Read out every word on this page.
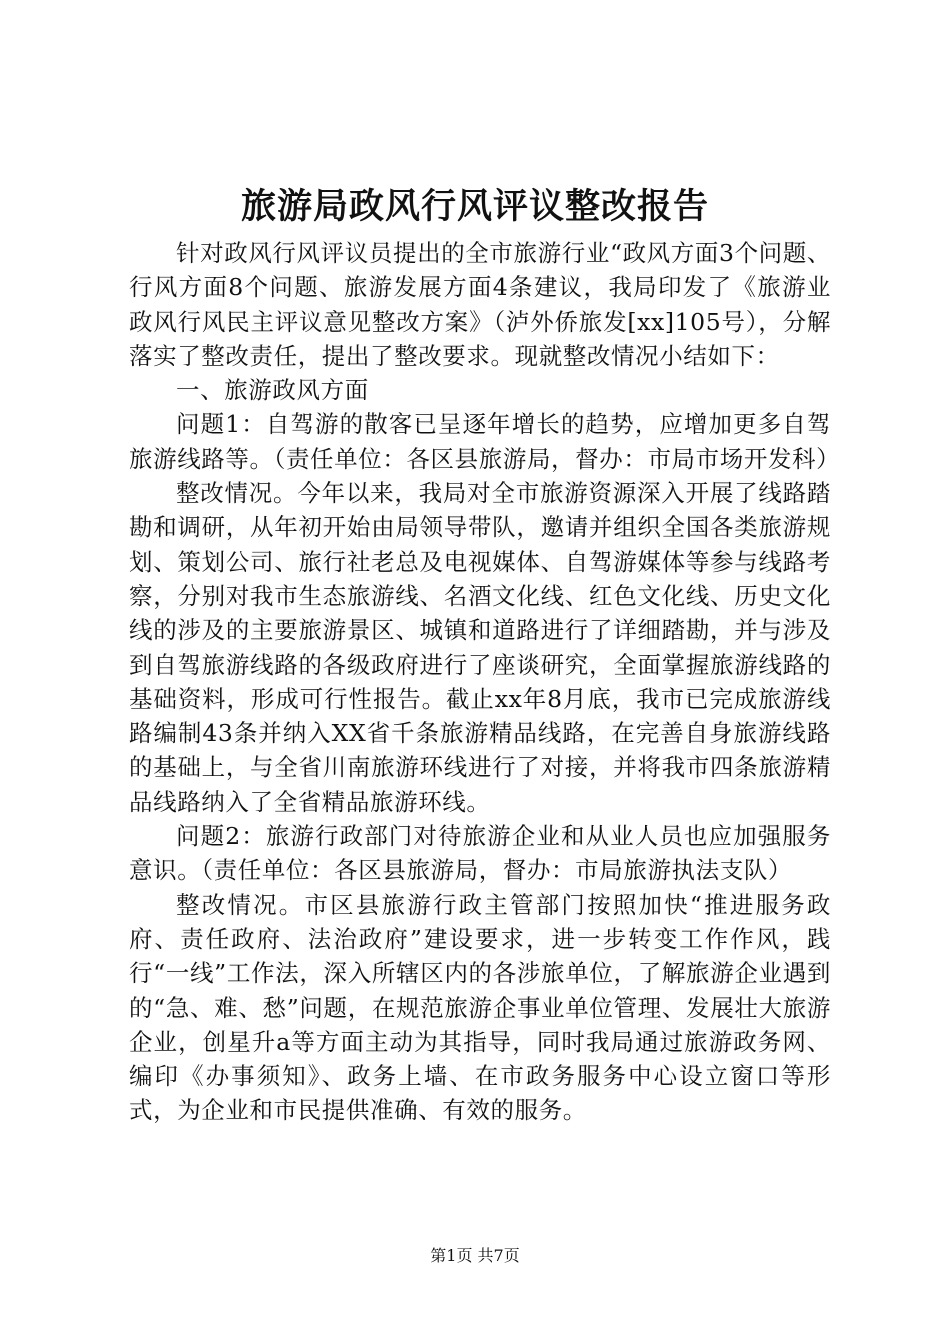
旅游局政风行风评议整改报告

针对政风行风评议员提出的全市旅游行业“政风方面3个问题、行风方面8个问题、旅游发展方面4条建议，我局印发了《旅游业政风行风民主评议意见整改方案》（泸外侨旅发[xx]105号），分解落实了整改责任，提出了整改要求。现就整改情况小结如下：

一、旅游政风方面

问题1：自驾游的散客已呈逐年增长的趋势，应增加更多自驾旅游线路等。（责任单位：各区县旅游局，督办：市局市场开发科）

整改情况。今年以来，我局对全市旅游资源深入开展了线路踏勘和调研，从年初开始由局领导带队，邀请并组织全国各类旅游规划、策划公司、旅行社老总及电视媒体、自驾游媒体等参与线路考察，分别对我市生态旅游线、名酒文化线、红色文化线、历史文化线的涉及的主要旅游景区、城镇和道路进行了详细踏勘，并与涉及到自驾旅游线路的各级政府进行了座谈研究，全面掌握旅游线路的基础资料，形成可行性报告。截止xx年8月底，我市已完成旅游线路编制43条并纳入XX省千条旅游精品线路，在完善自身旅游线路的基础上，与全省川南旅游环线进行了对接，并将我市四条旅游精品线路纳入了全省精品旅游环线。

问题2：旅游行政部门对待旅游企业和从业人员也应加强服务意识。（责任单位：各区县旅游局，督办：市局旅游执法支队）

整改情况。市区县旅游行政主管部门按照加快“推进服务政府、责任政府、法治政府”建设要求，进一步转变工作作风，践行“一线”工作法，深入所辖区内的各涉旅单位，了解旅游企业遇到的“急、难、愁”问题，在规范旅游企事业单位管理、发展壮大旅游企业，创星升a等方面主动为其指导，同时我局通过旅游政务网、编印《办事须知》、政务上墙、在市政务服务中心设立窗口等形式，为企业和市民提供准确、有效的服务。

第1页 共7页
